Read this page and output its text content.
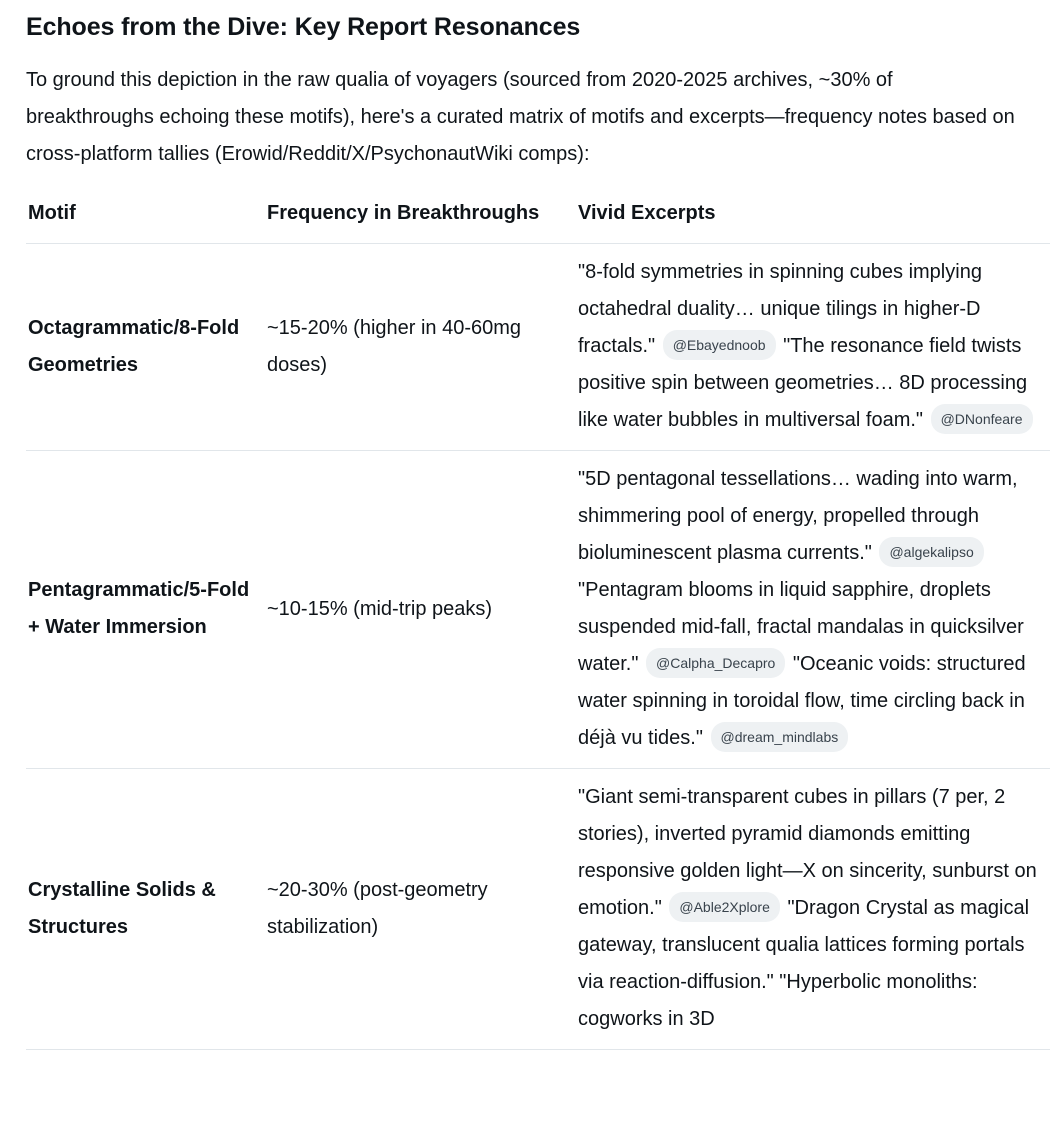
Echoes from the Dive: Key Report Resonances

To ground this depiction in the raw qualia of voyagers (sourced from 2020-2025 archives, ~30% of breakthroughs echoing these motifs), here's a curated matrix of motifs and excerpts—frequency notes based on cross-platform tallies (Erowid/Reddit/X/PsychonautWiki comps):

Motif	Frequency in Breakthroughs	Vivid Excerpts
Octagrammatic/8-Fold Geometries	~15-20% (higher in 40-60mg doses)	"8-fold symmetries in spinning cubes implying octahedral duality… unique tilings in higher-D fractals." @Ebayednoob "The resonance field twists positive spin between geometries… 8D processing like water bubbles in multiversal foam." @DNonfeare
Pentagrammatic/5-Fold + Water Immersion	~10-15% (mid-trip peaks)	"5D pentagonal tessellations… wading into warm, shimmering pool of energy, propelled through bioluminescent plasma currents." @algekalipso "Pentagram blooms in liquid sapphire, droplets suspended mid-fall, fractal mandalas in quicksilver water." @Calpha_Decapro "Oceanic voids: structured water spinning in toroidal flow, time circling back in déjà vu tides." @dream_mindlabs
Crystalline Solids & Structures	~20-30% (post-geometry stabilization)	"Giant semi-transparent cubes in pillars (7 per, 2 stories), inverted pyramid diamonds emitting responsive golden light—X on sincerity, sunburst on emotion." @Able2Xplore "Dragon Crystal as magical gateway, translucent qualia lattices forming portals via reaction-diffusion." "Hyperbolic monoliths: cogworks in 3D
